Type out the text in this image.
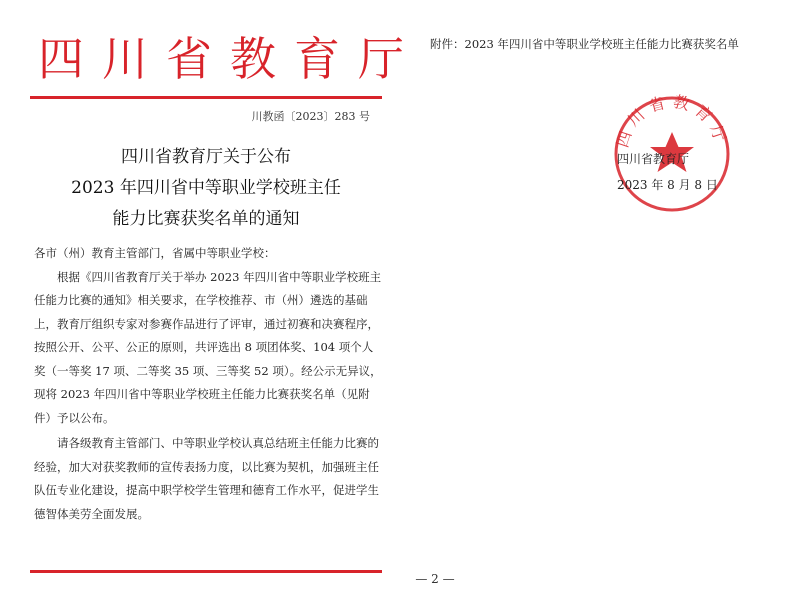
四川省教育厅
川教函〔2023〕283 号
四川省教育厅关于公布
2023 年四川省中等职业学校班主任
能力比赛获奖名单的通知

各市（州）教育主管部门，省属中等职业学校：

根据《四川省教育厅关于举办 2023 年四川省中等职业学校班主任能力比赛的通知》相关要求，在学校推荐、市（州）遴选的基础上，教育厅组织专家对参赛作品进行了评审，通过初赛和决赛程序，按照公开、公平、公正的原则，共评选出 8 项团体奖、104 项个人奖（一等奖 17 项、二等奖 35 项、三等奖 52 项）。经公示无异议，现将 2023 年四川省中等职业学校班主任能力比赛获奖名单（见附件）予以公布。

请各级教育主管部门、中等职业学校认真总结班主任能力比赛的经验，加大对获奖教师的宣传表扬力度，以比赛为契机，加强班主任队伍专业化建设，提高中职学校学生管理和德育工作水平，促进学生德智体美劳全面发展。

— 2 —
附件：2023 年四川省中等职业学校班主任能力比赛获奖名单
四川省教育厅
四川省教育厅
2023 年 8 月 8 日
